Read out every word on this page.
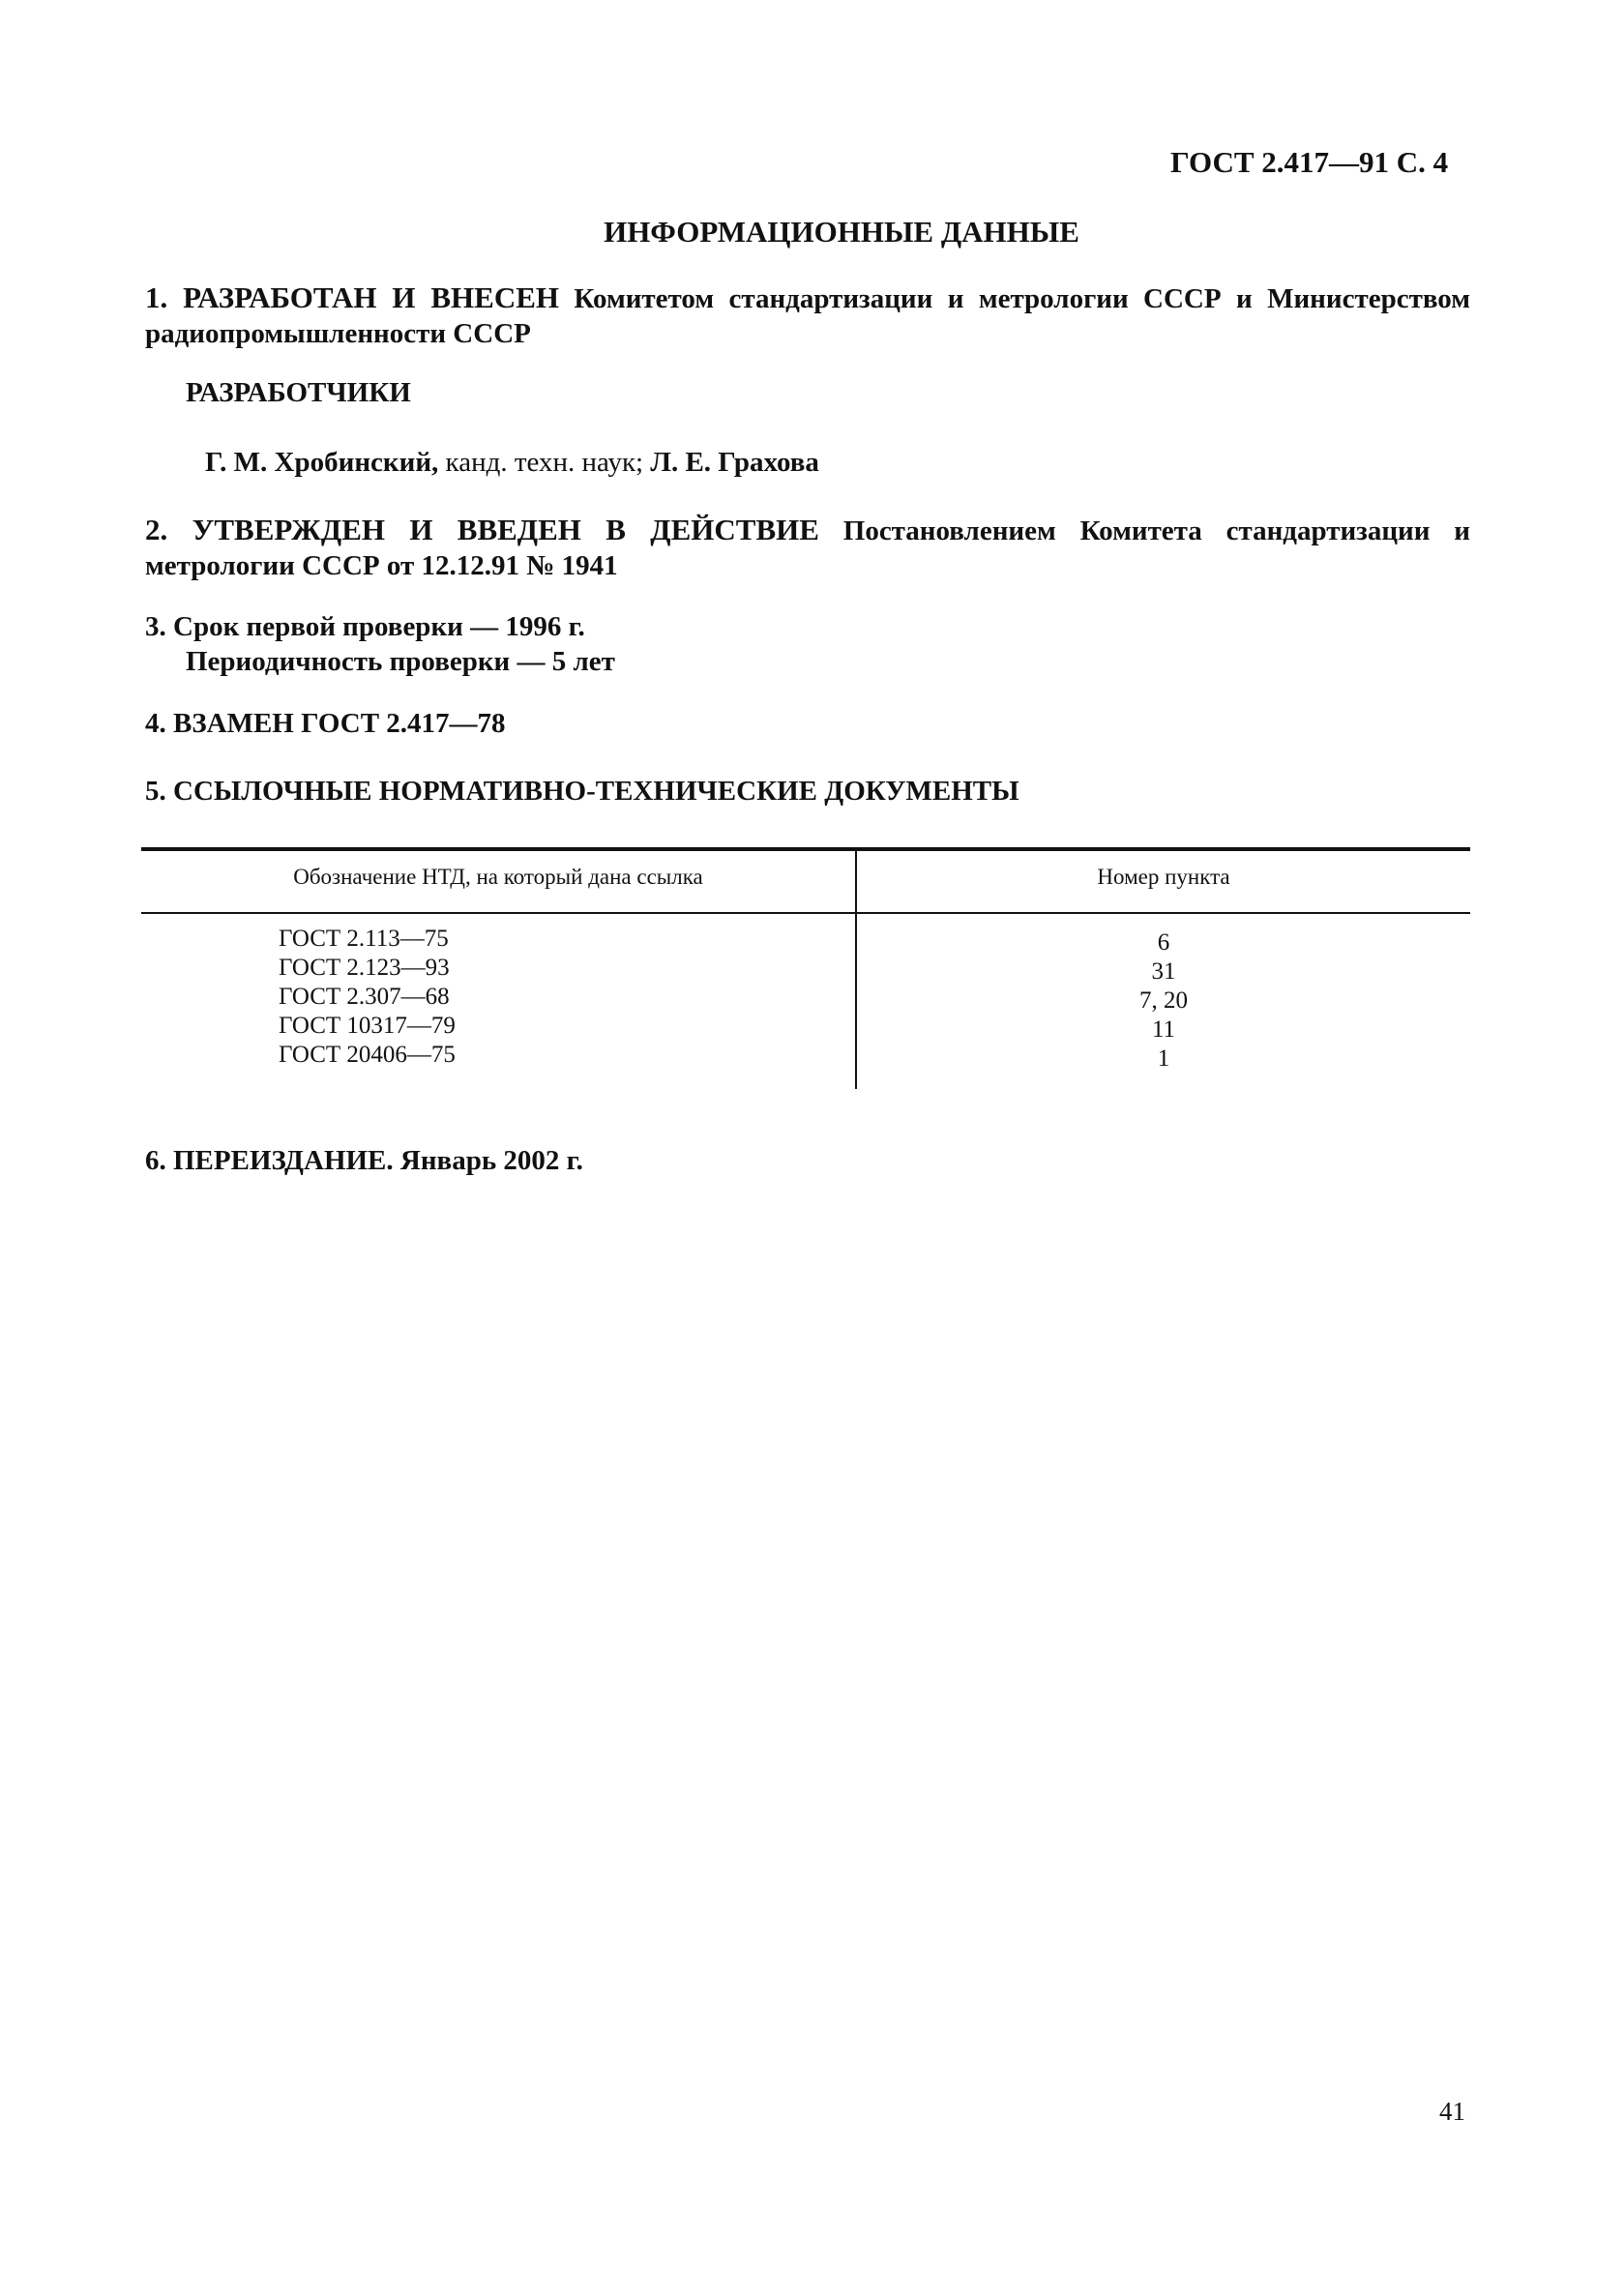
ГОСТ 2.417—91 С. 4
ИНФОРМАЦИОННЫЕ ДАННЫЕ
1. РАЗРАБОТАН И ВНЕСЕН Комитетом стандартизации и метрологии СССР и Министерством радиопромышленности СССР
РАЗРАБОТЧИКИ
Г. М. Хробинский, канд. техн. наук; Л. Е. Грахова
2. УТВЕРЖДЕН И ВВЕДЕН В ДЕЙСТВИЕ Постановлением Комитета стандартизации и метрологии СССР от 12.12.91 № 1941
3. Срок первой проверки — 1996 г.
Периодичность проверки — 5 лет
4. ВЗАМЕН ГОСТ 2.417—78
5. ССЫЛОЧНЫЕ НОРМАТИВНО-ТЕХНИЧЕСКИЕ ДОКУМЕНТЫ
Обозначение НТД, на который дана ссылка	Номер пункта
ГОСТ 2.113—75
ГОСТ 2.123—93
ГОСТ 2.307—68
ГОСТ 10317—79
ГОСТ 20406—75
6
31
7, 20
11
1
6. ПЕРЕИЗДАНИЕ. Январь 2002 г.
41
